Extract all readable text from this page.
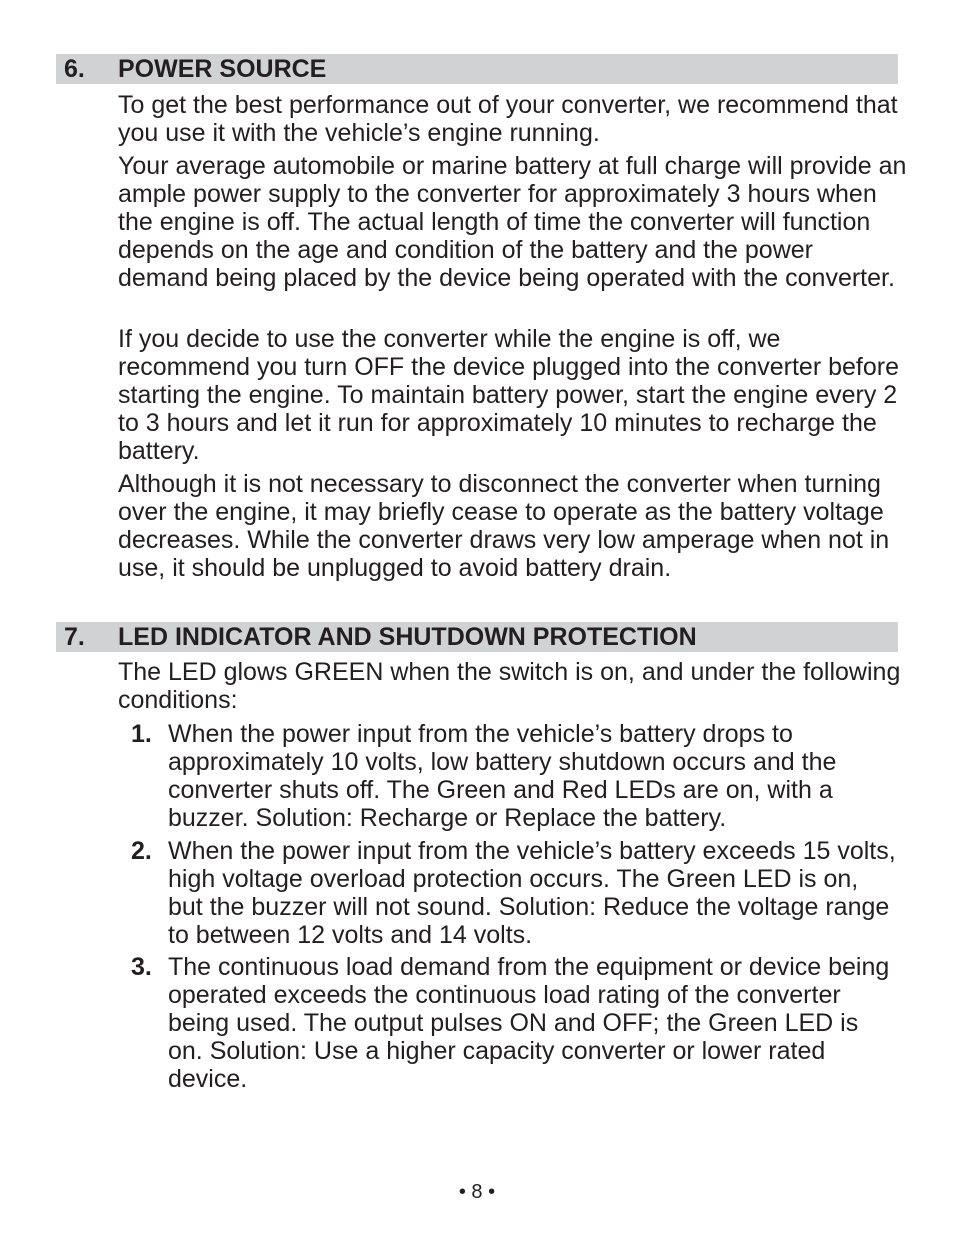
6. POWER SOURCE

To get the best performance out of your converter, we recommend that you use it with the vehicle’s engine running.

Your average automobile or marine battery at full charge will provide an ample power supply to the converter for approximately 3 hours when the engine is off. The actual length of time the converter will function depends on the age and condition of the battery and the power demand being placed by the device being operated with the converter.

If you decide to use the converter while the engine is off, we recommend you turn OFF the device plugged into the converter before starting the engine. To maintain battery power, start the engine every 2 to 3 hours and let it run for approximately 10 minutes to recharge the battery.

Although it is not necessary to disconnect the converter when turning over the engine, it may briefly cease to operate as the battery voltage decreases. While the converter draws very low amperage when not in use, it should be unplugged to avoid battery drain.

7. LED INDICATOR AND SHUTDOWN PROTECTION

The LED glows GREEN when the switch is on, and under the following conditions:

1. When the power input from the vehicle’s battery drops to approximately 10 volts, low battery shutdown occurs and the converter shuts off. The Green and Red LEDs are on, with a buzzer. Solution: Recharge or Replace the battery.
2. When the power input from the vehicle’s battery exceeds 15 volts, high voltage overload protection occurs. The Green LED is on, but the buzzer will not sound. Solution: Reduce the voltage range to between 12 volts and 14 volts.
3. The continuous load demand from the equipment or device being operated exceeds the continuous load rating of the converter being used. The output pulses ON and OFF; the Green LED is on. Solution: Use a higher capacity converter or lower rated device.
• 8 •
